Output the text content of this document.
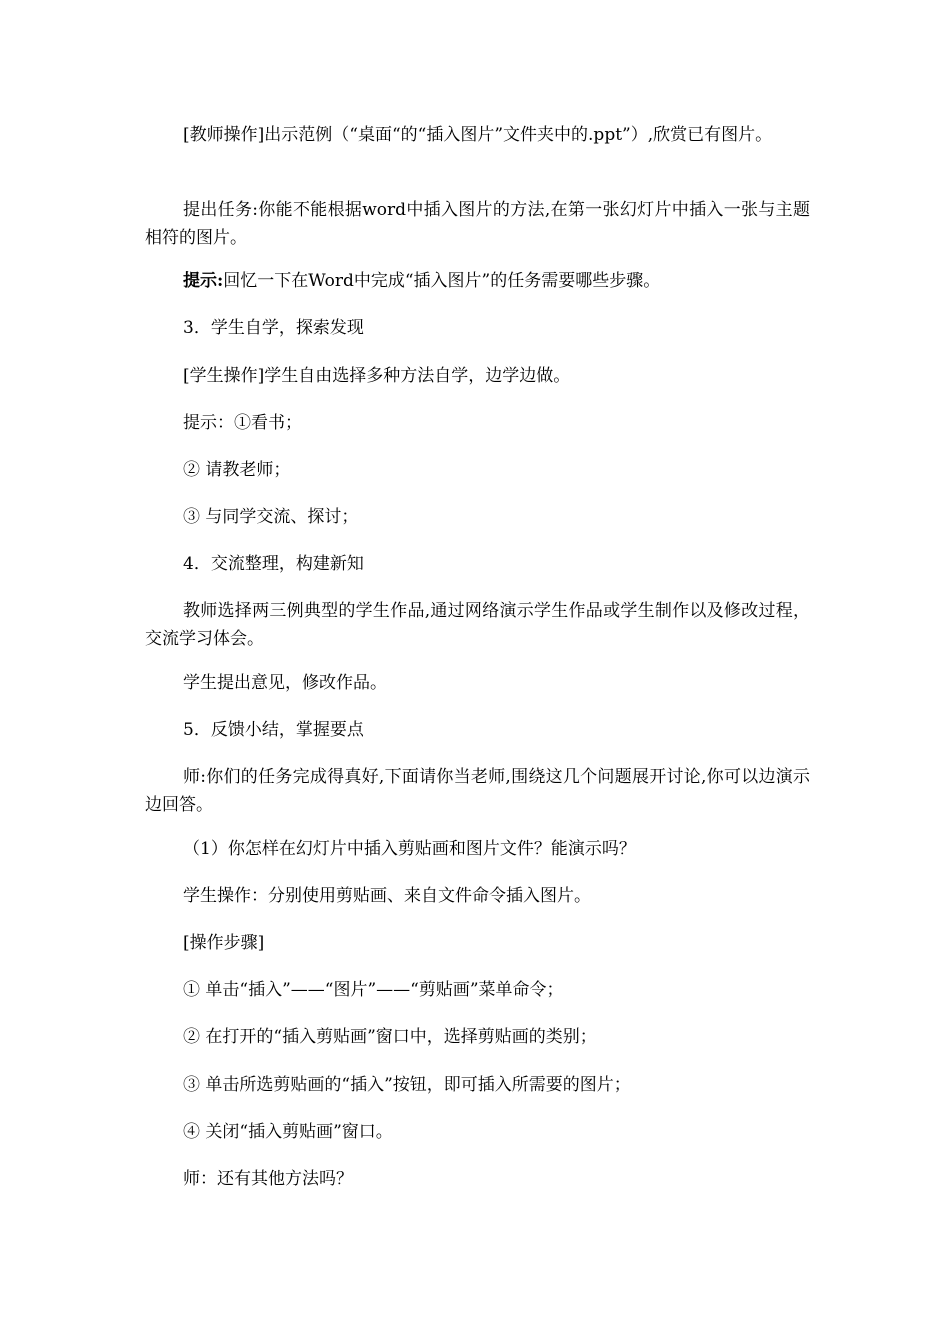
[教师操作]出示范例（“桌面“的“插入图片”文件夹中的.ppt”）,欣赏已有图片。

提出任务:你能不能根据word中插入图片的方法,在第一张幻灯片中插入一张与主题相符的图片。

提示:回忆一下在Word中完成“插入图片”的任务需要哪些步骤。

3．学生自学，探索发现

[学生操作]学生自由选择多种方法自学，边学边做。

提示：①看书；

② 请教老师；

③ 与同学交流、探讨；

4．交流整理，构建新知

教师选择两三例典型的学生作品,通过网络演示学生作品或学生制作以及修改过程，交流学习体会。

学生提出意见，修改作品。

5．反馈小结，掌握要点

师:你们的任务完成得真好,下面请你当老师,围绕这几个问题展开讨论,你可以边演示边回答。

（1）你怎样在幻灯片中插入剪贴画和图片文件？能演示吗？

学生操作：分别使用剪贴画、来自文件命令插入图片。

[操作步骤]

① 单击“插入”——“图片”——“剪贴画”菜单命令；

② 在打开的“插入剪贴画”窗口中，选择剪贴画的类别；

③ 单击所选剪贴画的“插入”按钮，即可插入所需要的图片；

④ 关闭“插入剪贴画”窗口。

师：还有其他方法吗？
